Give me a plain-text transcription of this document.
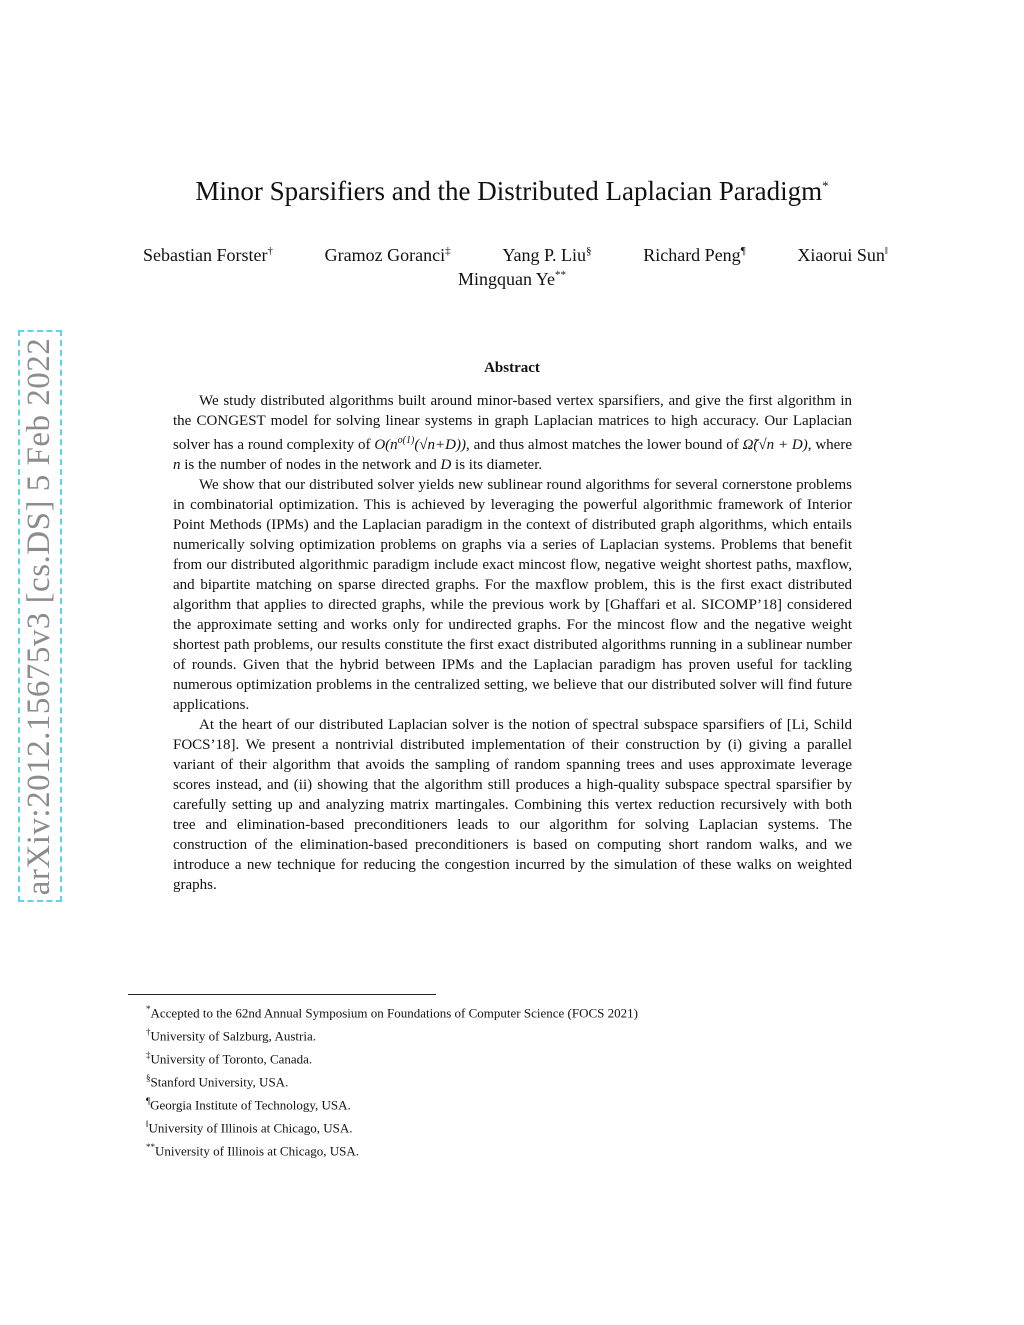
arXiv:2012.15675v3 [cs.DS] 5 Feb 2022
Minor Sparsifiers and the Distributed Laplacian Paradigm*
Sebastian Forster†	Gramoz Goranci‡	Yang P. Liu§	Richard Peng¶	Xiaorui Sun‖
Mingquan Ye**
Abstract

We study distributed algorithms built around minor-based vertex sparsifiers, and give the first algorithm in the CONGEST model for solving linear systems in graph Laplacian matrices to high accuracy. Our Laplacian solver has a round complexity of $O(n^{o(1)}(√n+D))$, and thus almost matches the lower bound of Ω̃(√n + D), where n is the number of nodes in the network and D is its diameter.

We show that our distributed solver yields new sublinear round algorithms for several cornerstone problems in combinatorial optimization. This is achieved by leveraging the powerful algorithmic framework of Interior Point Methods (IPMs) and the Laplacian paradigm in the context of distributed graph algorithms, which entails numerically solving optimization problems on graphs via a series of Laplacian systems. Problems that benefit from our distributed algorithmic paradigm include exact mincost flow, negative weight shortest paths, maxflow, and bipartite matching on sparse directed graphs. For the maxflow problem, this is the first exact distributed algorithm that applies to directed graphs, while the previous work by [Ghaffari et al. SICOMP’18] considered the approximate setting and works only for undirected graphs. For the mincost flow and the negative weight shortest path problems, our results constitute the first exact distributed algorithms running in a sublinear number of rounds. Given that the hybrid between IPMs and the Laplacian paradigm has proven useful for tackling numerous optimization problems in the centralized setting, we believe that our distributed solver will find future applications.

At the heart of our distributed Laplacian solver is the notion of spectral subspace sparsifiers of [Li, Schild FOCS’18]. We present a nontrivial distributed implementation of their construction by (i) giving a parallel variant of their algorithm that avoids the sampling of random spanning trees and uses approximate leverage scores instead, and (ii) showing that the algorithm still produces a high-quality subspace spectral sparsifier by carefully setting up and analyzing matrix martingales. Combining this vertex reduction recursively with both tree and elimination-based preconditioners leads to our algorithm for solving Laplacian systems. The construction of the elimination-based preconditioners is based on computing short random walks, and we introduce a new technique for reducing the congestion incurred by the simulation of these walks on weighted graphs.

*Accepted to the 62nd Annual Symposium on Foundations of Computer Science (FOCS 2021)
†University of Salzburg, Austria.
‡University of Toronto, Canada.
§Stanford University, USA.
¶Georgia Institute of Technology, USA.
‖University of Illinois at Chicago, USA.
**University of Illinois at Chicago, USA.
